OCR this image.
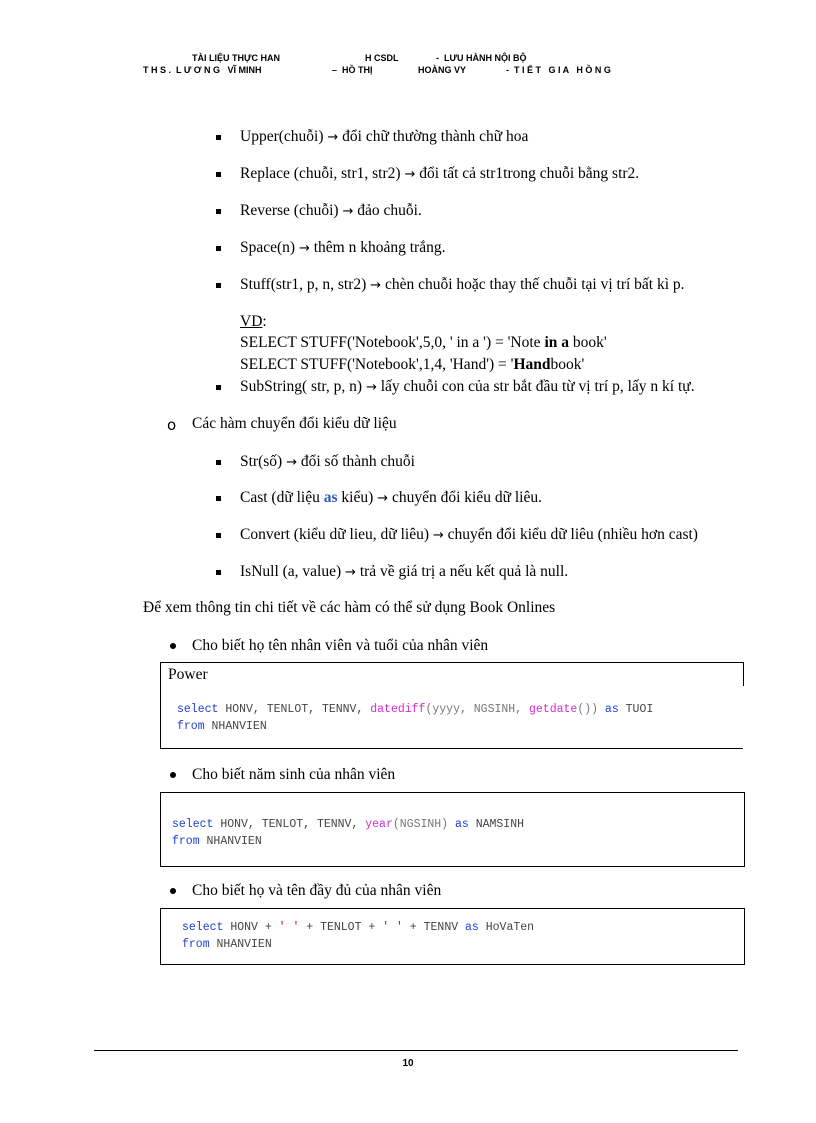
TÀI LIỆU THỰC HAN	H CSDL	-  LƯU HÀNH NỘI BỘ
T H S .  L Ư Ơ N G   VĨ MINH	–  HỒ THỊ	HOÀNG VY	-  T I Ế T   G I A   H Ồ N G
Upper(chuỗi) → đổi chữ thường thành chữ hoa
Replace (chuỗi, str1, str2) → đổi tất cả str1trong chuỗi bằng str2.
Reverse (chuỗi) → đảo chuỗi.
Space(n) → thêm n khoảng trắng.
Stuff(str1, p, n, str2) → chèn chuỗi hoặc thay thế chuỗi tại vị trí bất kì p.
VD:
SELECT STUFF('Notebook',5,0, ' in a ') = 'Note in a book'
SELECT STUFF('Notebook',1,4, 'Hand') = 'Handbook'
SubString( str, p, n) → lấy chuỗi con của str bắt đầu từ vị trí p, lấy n kí tự.
o Các hàm chuyển đổi kiểu dữ liệu
Str(số) → đổi số thành chuỗi
Cast (dữ liệu as kiểu) → chuyển đổi kiểu dữ liêu.
Convert (kiểu dữ lieu, dữ liêu) → chuyển đổi kiểu dữ liêu (nhiều hơn cast)
IsNull (a, value) → trả về giá trị a nếu kết quả là null.
Để xem thông tin chi tiết về các hàm có thể sử dụng Book Onlines
Cho biết họ tên nhân viên và tuổi của nhân viên
Power
select HONV, TENLOT, TENNV, datediff(yyyy, NGSINH, getdate()) as TUOI
from NHANVIEN
Cho biết năm sinh của nhân viên
select HONV, TENLOT, TENNV, year(NGSINH) as NAMSINH
from NHANVIEN
Cho biết họ và tên đầy đủ của nhân viên
select HONV + ' ' + TENLOT + ' ' + TENNV as HoVaTen
from NHANVIEN
10
